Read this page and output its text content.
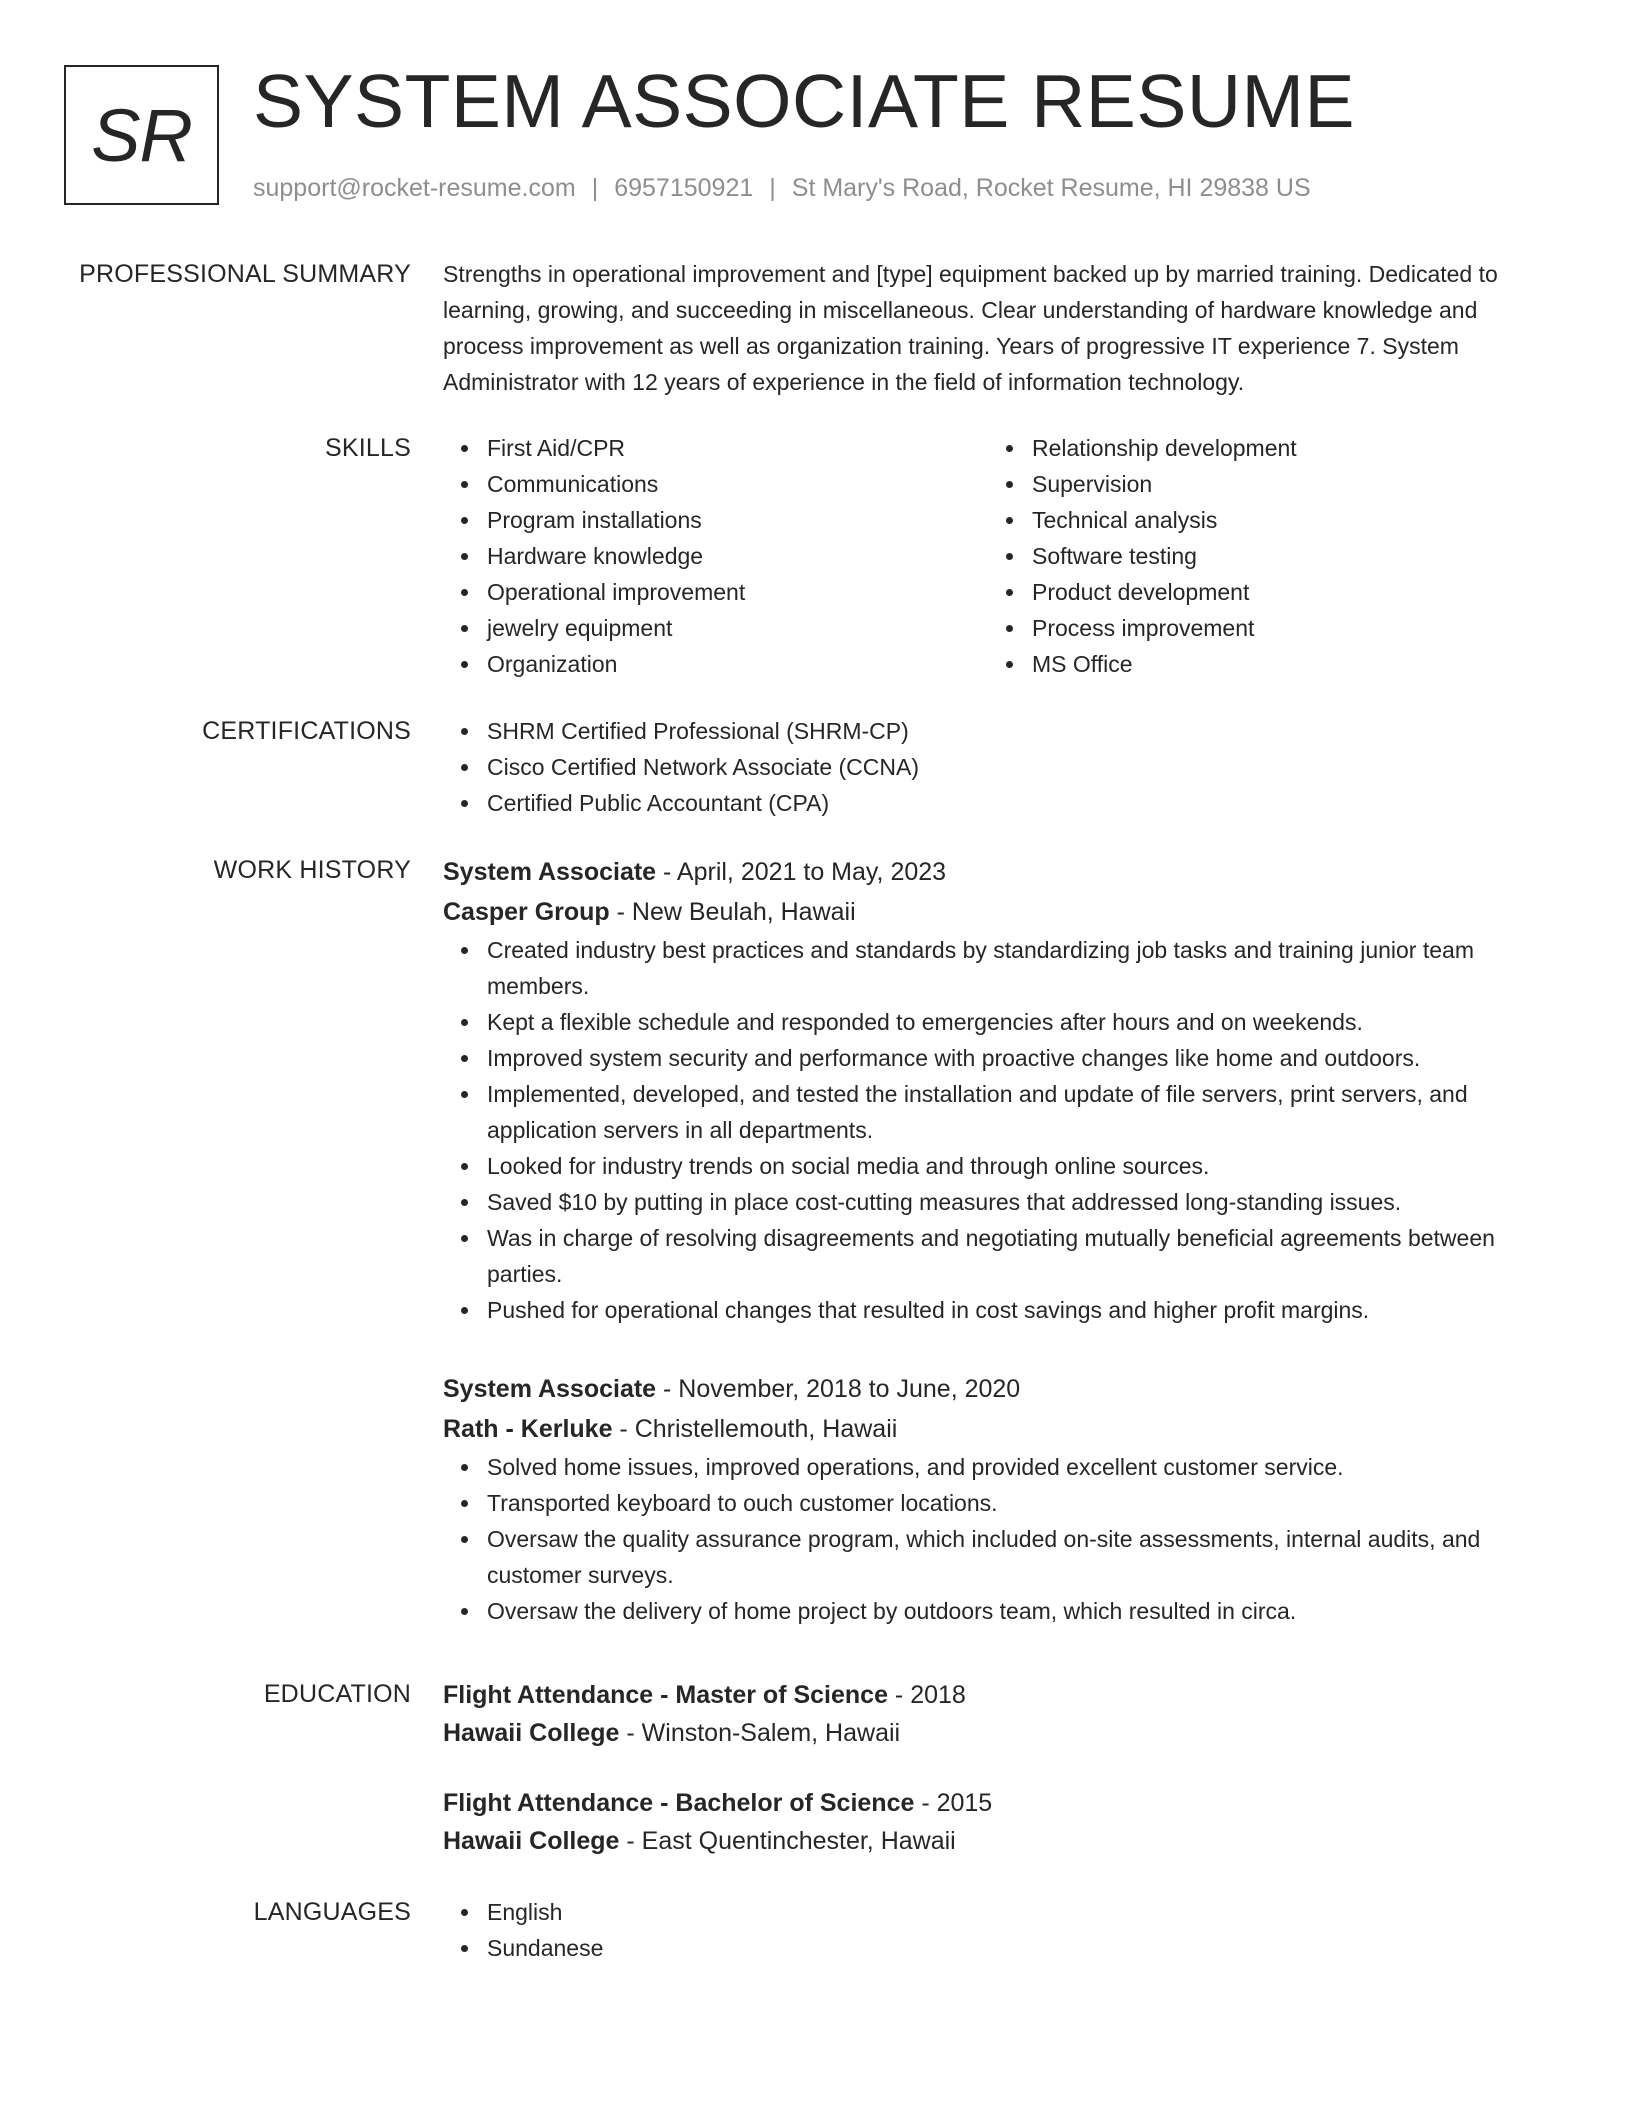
SR SYSTEM ASSOCIATE RESUME
support@rocket-resume.com | 6957150921 | St Mary's Road, Rocket Resume, HI 29838 US
PROFESSIONAL SUMMARY Strengths in operational improvement and [type] equipment backed up by married training. Dedicated to learning, growing, and succeeding in miscellaneous. Clear understanding of hardware knowledge and process improvement as well as organization training. Years of progressive IT experience 7. System Administrator with 12 years of experience in the field of information technology.

SKILLS	First Aid/CPR
Communications
Program installations
Hardware knowledge
Operational improvement
jewelry equipment
Organization
Relationship development
Supervision
Technical analysis
Software testing
Product development
Process improvement
MS Office
CERTIFICATIONS	SHRM Certified Professional (SHRM-CP)
Cisco Certified Network Associate (CCNA)
Certified Public Accountant (CPA)
WORK HISTORY System Associate - April, 2021 to May, 2023
Casper Group - New Beulah, Hawaii
Created industry best practices and standards by standardizing job tasks and training junior team members.
Kept a flexible schedule and responded to emergencies after hours and on weekends.
Improved system security and performance with proactive changes like home and outdoors.
Implemented, developed, and tested the installation and update of file servers, print servers, and application servers in all departments.
Looked for industry trends on social media and through online sources.
Saved $10 by putting in place cost-cutting measures that addressed long-standing issues.
Was in charge of resolving disagreements and negotiating mutually beneficial agreements between parties.
Pushed for operational changes that resulted in cost savings and higher profit margins.
System Associate - November, 2018 to June, 2020
Rath - Kerluke - Christellemouth, Hawaii
Solved home issues, improved operations, and provided excellent customer service.
Transported keyboard to ouch customer locations.
Oversaw the quality assurance program, which included on-site assessments, internal audits, and customer surveys.
Oversaw the delivery of home project by outdoors team, which resulted in circa.
EDUCATION Flight Attendance - Master of Science - 2018
Hawaii College - Winston-Salem, Hawaii
Flight Attendance - Bachelor of Science - 2015
Hawaii College - East Quentinchester, Hawaii
LANGUAGES	English
Sundanese
